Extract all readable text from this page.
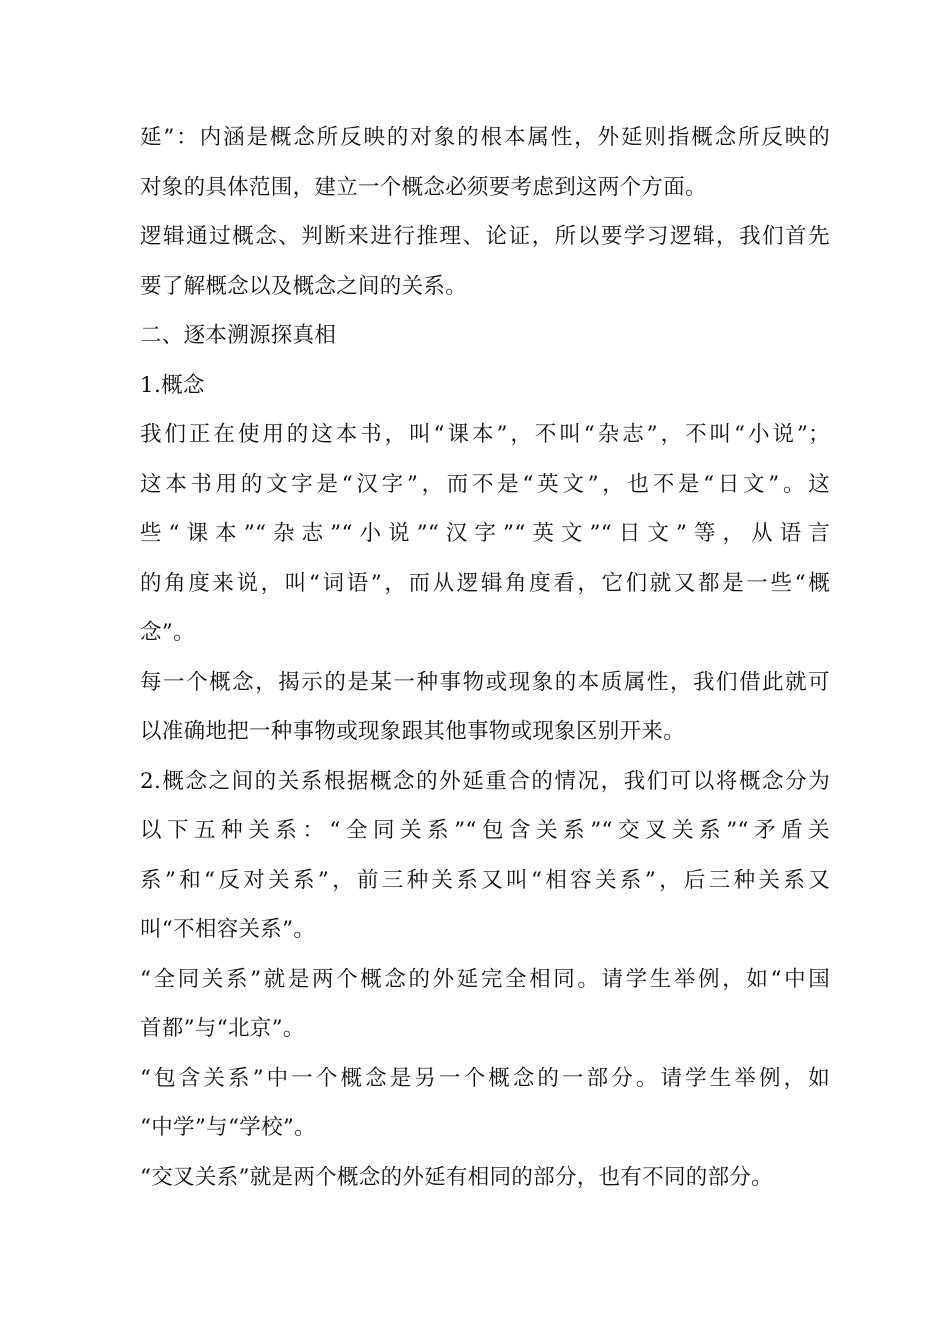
延”：内涵是概念所反映的对象的根本属性，外延则指概念所反映的
对象的具体范围，建立一个概念必须要考虑到这两个方面。
逻辑通过概念、判断来进行推理、论证，所以要学习逻辑，我们首先
要了解概念以及概念之间的关系。
二、逐本溯源探真相
1.概念
我们正在使用的这本书，叫“课本”，不叫“杂志”，不叫“小说”；
这本书用的文字是“汉字”，而不是“英文”，也不是“日文”。这
些“课本”“杂志”“小说”“汉字”“英文”“日文”等，从语言
的角度来说，叫“词语”，而从逻辑角度看，它们就又都是一些“概
念”。
每一个概念，揭示的是某一种事物或现象的本质属性，我们借此就可
以准确地把一种事物或现象跟其他事物或现象区别开来。
2.概念之间的关系根据概念的外延重合的情况，我们可以将概念分为
以下五种关系：“全同关系”“包含关系”“交叉关系”“矛盾关
系”和“反对关系”，前三种关系又叫“相容关系”，后三种关系又
叫“不相容关系”。
“全同关系”就是两个概念的外延完全相同。请学生举例，如“中国
首都”与“北京”。
“包含关系”中一个概念是另一个概念的一部分。请学生举例，如
“中学”与“学校”。
“交叉关系”就是两个概念的外延有相同的部分，也有不同的部分。
